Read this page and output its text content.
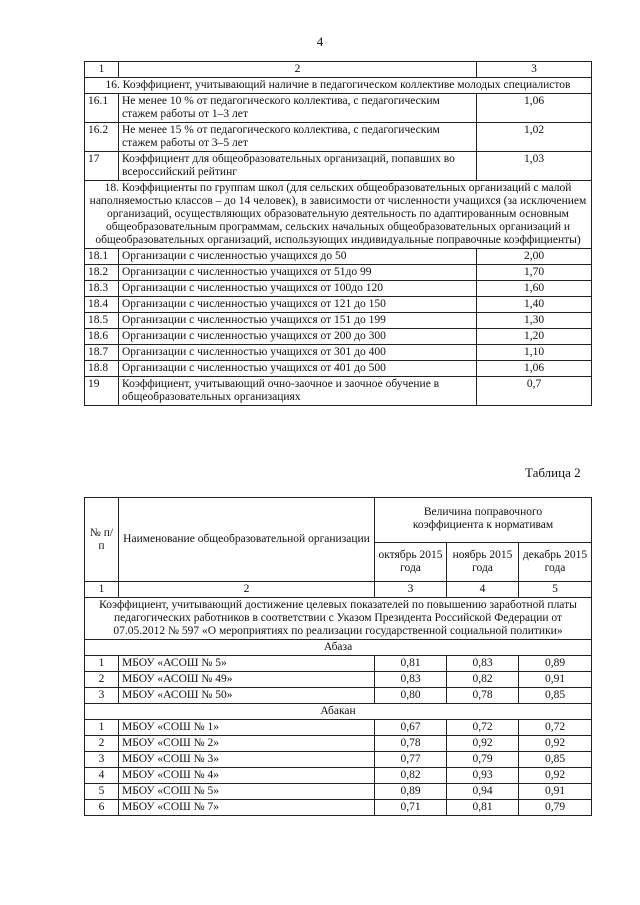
4
1	2	3
16. Коэффициент, учитывающий наличие в педагогическом коллективе молодых специалистов		
16.1	Не менее 10 % от педагогического коллектива, с педагогическим стажем работы от 1–3 лет	1,06
16.2	Не менее 15 % от педагогического коллектива, с педагогическим стажем работы от 3–5 лет	1,02
17	Коэффициент для общеобразовательных организаций, попавших во всероссийский рейтинг	1,03
18. Коэффициенты по группам школ (для сельских общеобразовательных организаций с малой наполняемостью классов – до 14 человек), в зависимости от численности учащихся (за исключением организаций, осуществляющих образовательную деятельность по адаптированным основным общеобразовательным программам, сельских начальных общеобразовательных организаций и общеобразовательных организаций, использующих индивидуальные поправочные коэффициенты)		
18.1	Организации с численностью учащихся до 50	2,00
18.2	Организации с численностью учащихся от 51до 99	1,70
18.3	Организации с численностью учащихся от 100до 120	1,60
18.4	Организации с численностью учащихся от 121 до 150	1,40
18.5	Организации с численностью учащихся от 151 до 199	1,30
18.6	Организации с численностью учащихся от 200 до 300	1,20
18.7	Организации с численностью учащихся от 301 до 400	1,10
18.8	Организации с численностью учащихся от 401 до 500	1,06
19	Коэффициент, учитывающий очно-заочное и заочное обучение в общеобразовательных организациях	0,7
Таблица 2
№ п/п	Наименование общеобразовательной организации	Величина поправочного коэффициента к нормативам		
		октябрь 2015 года	ноябрь 2015 года	декабрь 2015 года
1	2	3	4	5
Коэффициент, учитывающий достижение целевых показателей по повышению заработной платы педагогических работников в соответствии с Указом Президента Российской Федерации от 07.05.2012 № 597 «О мероприятиях по реализации государственной социальной политики»				
Абаза				
1	МБОУ «АСОШ № 5»	0,81	0,83	0,89
2	МБОУ «АСОШ № 49»	0,83	0,82	0,91
3	МБОУ «АСОШ № 50»	0,80	0,78	0,85
Абакан				
1	МБОУ «СОШ № 1»	0,67	0,72	0,72
2	МБОУ «СОШ № 2»	0,78	0,92	0,92
3	МБОУ «СОШ № 3»	0,77	0,79	0,85
4	МБОУ «СОШ № 4»	0,82	0,93	0,92
5	МБОУ «СОШ № 5»	0,89	0,94	0,91
6	МБОУ «СОШ № 7»	0,71	0,81	0,79
